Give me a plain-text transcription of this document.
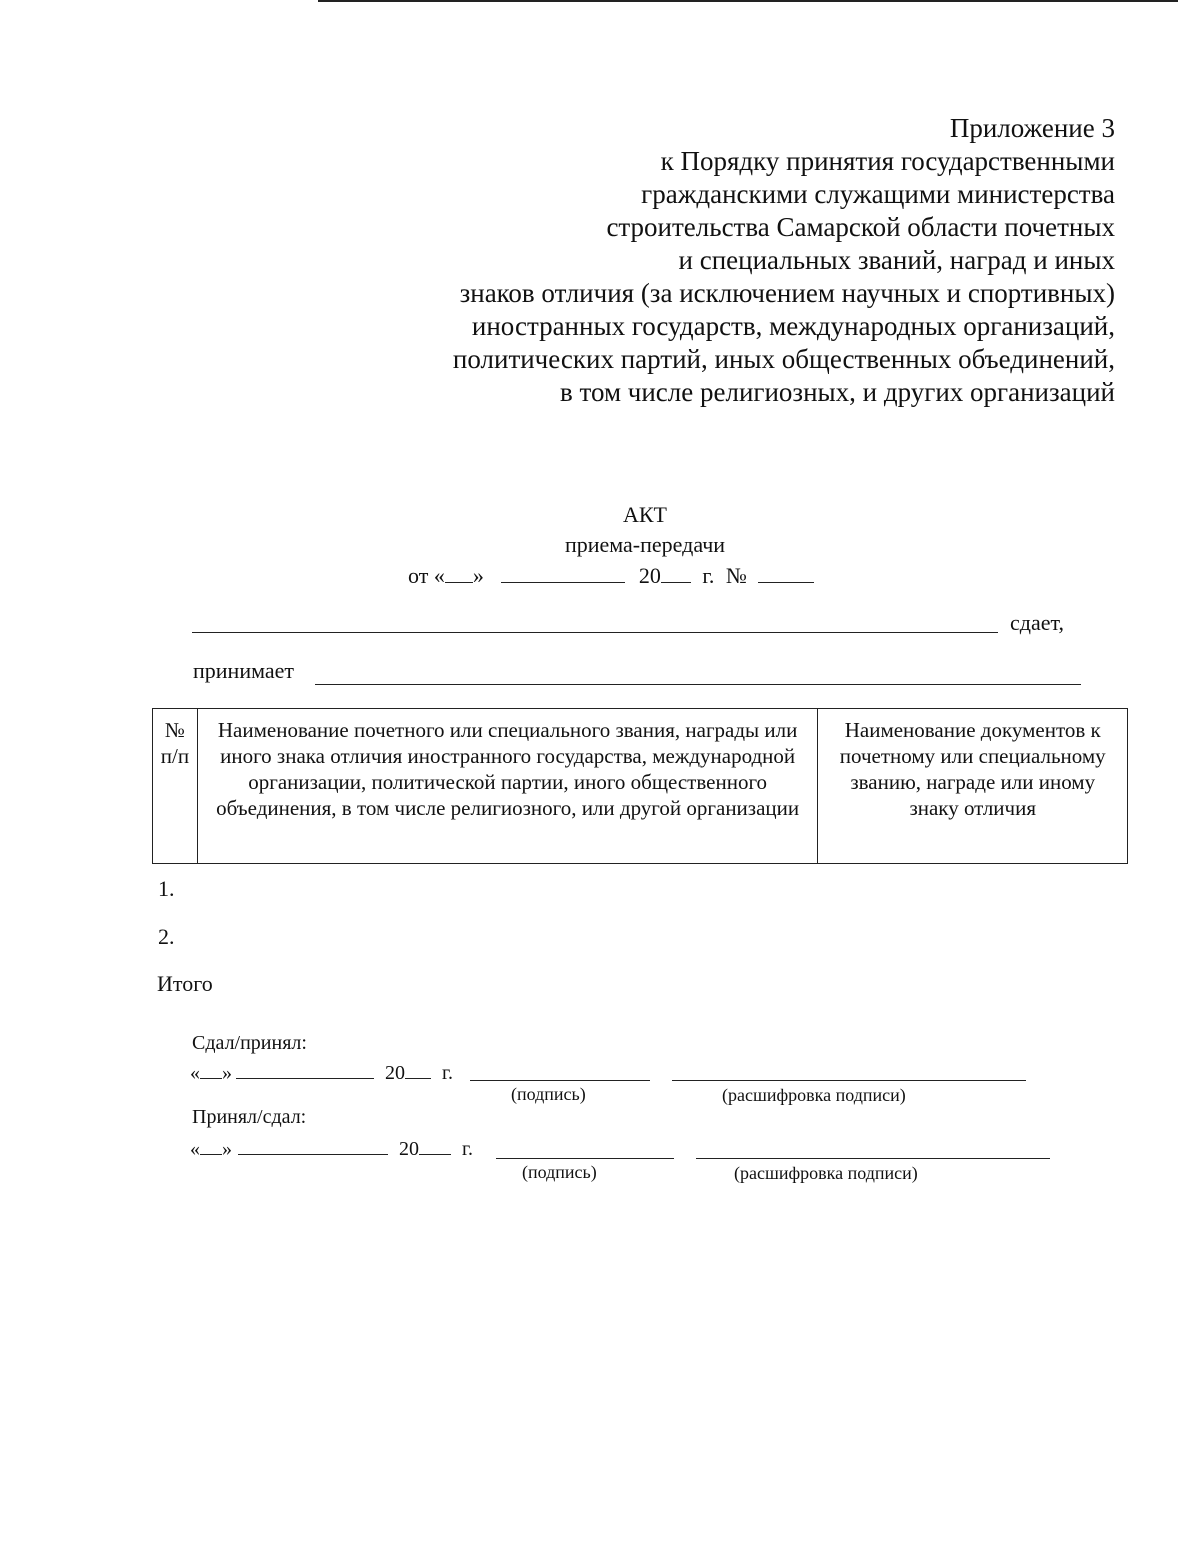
Приложение 3
к Порядку принятия государственными
гражданскими служащими министерства
строительства Самарской области почетных
и специальных званий, наград и иных
знаков отличия (за исключением научных и спортивных)
иностранных государств, международных организаций,
политических партий, иных общественных объединений,
в том числе религиозных, и других организаций
АКТ
приема-передачи
от « »	20 г. №
сдает,
принимает
№ п/п	Наименование почетного или специального звания, награды или иного знака отличия иностранного государства, международной организации, политической партии, иного общественного объединения, в том числе религиозного, или другой организации	Наименование документов к почетному или специальному званию, награде или иному знаку отличия
1.
2.
Итого
Сдал/принял:
« »	20 г.
(подпись)	(расшифровка подписи)
Принял/сдал:
« »	20 г.
(подпись)	(расшифровка подписи)
